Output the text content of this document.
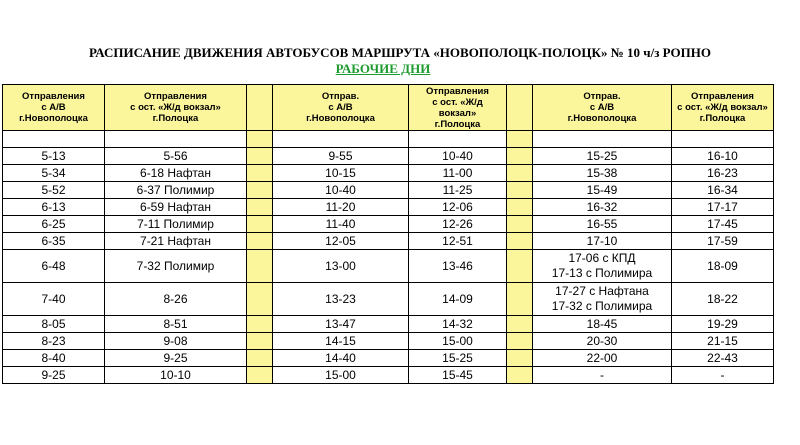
РАСПИСАНИЕ ДВИЖЕНИЯ АВТОБУСОВ МАРШРУТА «НОВОПОЛОЦК-ПОЛОЦК» № 10 ч/з РОПНО
РАБОЧИЕ ДНИ
Отправления
с А/В
г.Новополоцка	Отправления
с ост. «Ж/д вокзал»
г.Полоцка		Отправ.
с А/В
г.Новополоцка	Отправления
с ост. «Ж/д
вокзал»
г.Полоцка		Отправ.
с А/В
г.Новополоцка	Отправления
с ост. «Ж/д вокзал»
г.Полоцка

5-13	5-56		9-55	10-40		15-25	16-10

5-34	6-18 Нафтан		10-15	11-00		15-38	16-23

5-52	6-37 Полимир		10-40	11-25		15-49	16-34

6-13	6-59 Нафтан		11-20	12-06		16-32	17-17

6-25	7-11 Полимир		11-40	12-26		16-55	17-45

6-35	7-21 Нафтан		12-05	12-51		17-10	17-59

6-48	7-32 Полимир		13-00	13-46		17-06 с КПД
17-13 с Полимира	18-09

7-40	8-26		13-23	14-09		17-27 с Нафтана
17-32 с Полимира	18-22

8-05	8-51		13-47	14-32		18-45	19-29

8-23	9-08		14-15	15-00		20-30	21-15

8-40	9-25		14-40	15-25		22-00	22-43

9-25	10-10		15-00	15-45		-	-
